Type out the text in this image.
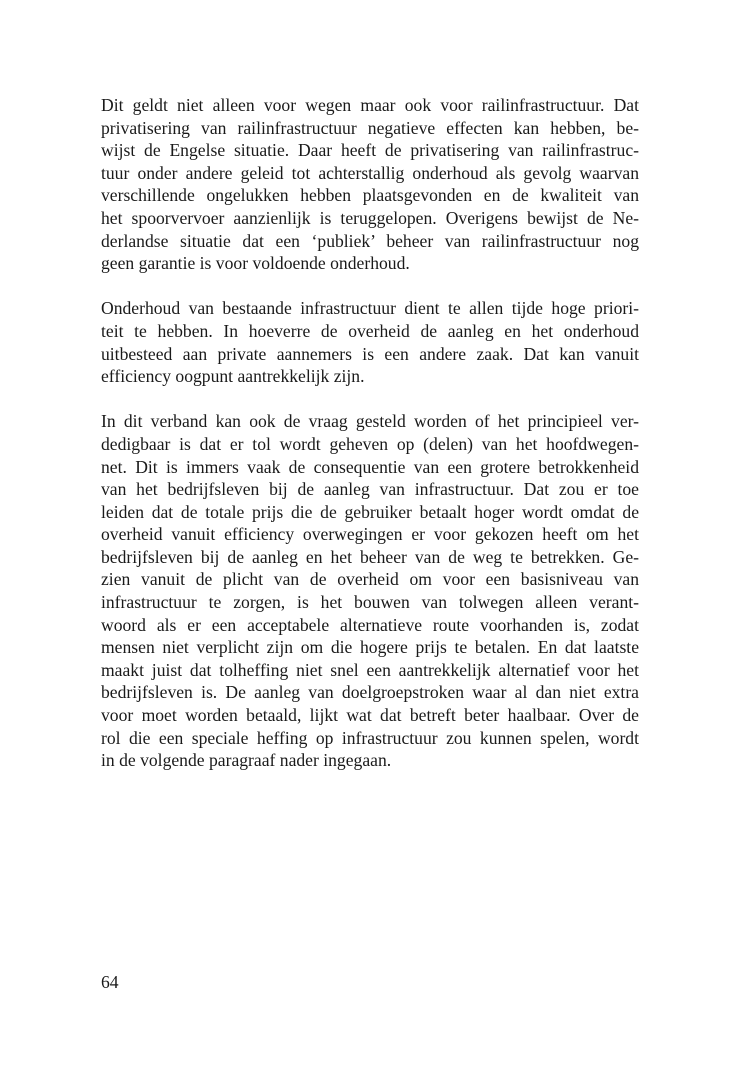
Dit geldt niet alleen voor wegen maar ook voor railinfrastructuur. Dat
privatisering van railinfrastructuur negatieve effecten kan hebben, be-
wijst de Engelse situatie. Daar heeft de privatisering van railinfrastruc-
tuur onder andere geleid tot achterstallig onderhoud als gevolg waarvan
verschillende ongelukken hebben plaatsgevonden en de kwaliteit van
het spoorvervoer aanzienlijk is teruggelopen. Overigens bewijst de Ne-
derlandse situatie dat een ‘publiek’ beheer van railinfrastructuur nog
geen garantie is voor voldoende onderhoud.
Onderhoud van bestaande infrastructuur dient te allen tijde hoge priori-
teit te hebben. In hoeverre de overheid de aanleg en het onderhoud
uitbesteed aan private aannemers is een andere zaak. Dat kan vanuit
efficiency oogpunt aantrekkelijk zijn.
In dit verband kan ook de vraag gesteld worden of het principieel ver-
dedigbaar is dat er tol wordt geheven op (delen) van het hoofdwegen-
net. Dit is immers vaak de consequentie van een grotere betrokkenheid
van het bedrijfsleven bij de aanleg van infrastructuur. Dat zou er toe
leiden dat de totale prijs die de gebruiker betaalt hoger wordt omdat de
overheid vanuit efficiency overwegingen er voor gekozen heeft om het
bedrijfsleven bij de aanleg en het beheer van de weg te betrekken. Ge-
zien vanuit de plicht van de overheid om voor een basisniveau van
infrastructuur te zorgen, is het bouwen van tolwegen alleen verant-
woord als er een acceptabele alternatieve route voorhanden is, zodat
mensen niet verplicht zijn om die hogere prijs te betalen. En dat laatste
maakt juist dat tolheffing niet snel een aantrekkelijk alternatief voor het
bedrijfsleven is. De aanleg van doelgroepstroken waar al dan niet extra
voor moet worden betaald, lijkt wat dat betreft beter haalbaar. Over de
rol die een speciale heffing op infrastructuur zou kunnen spelen, wordt
in de volgende paragraaf nader ingegaan.
64
